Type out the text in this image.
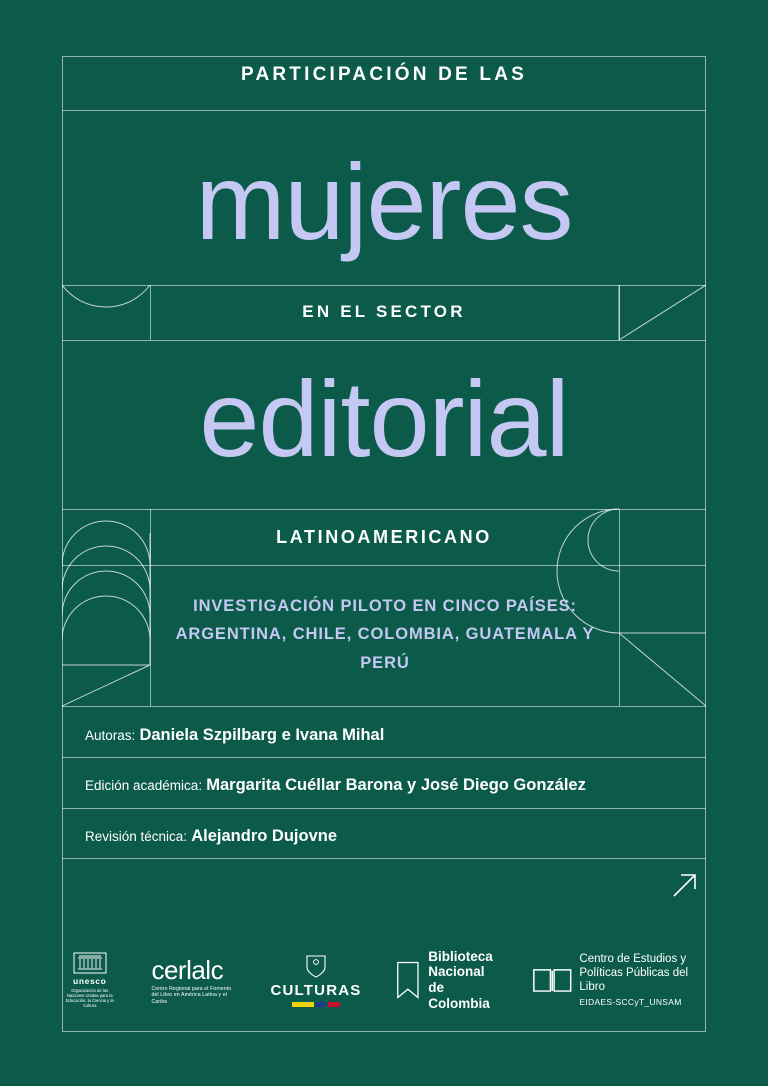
PARTICIPACIÓN DE LAS
mujeres
EN EL SECTOR
editorial
LATINOAMERICANO
INVESTIGACIÓN PILOTO EN CINCO PAÍSES: ARGENTINA, CHILE, COLOMBIA, GUATEMALA Y PERÚ
Autoras: Daniela Szpilbarg e Ivana Mihal
Edición académica: Margarita Cuéllar Barona y José Diego González
Revisión técnica: Alejandro Dujovne
unesco
Organización de las Naciones Unidas para la Educación, la Ciencia y la Cultura
cerlalc
Centro Regional para el Fomento del Libro en América Latina y el Caribe
CULTURAS
Biblioteca
Nacional de
Colombia
Centro de Estudios y
Políticas Públicas del Libro
EIDAES-SCCyT_UNSAM
